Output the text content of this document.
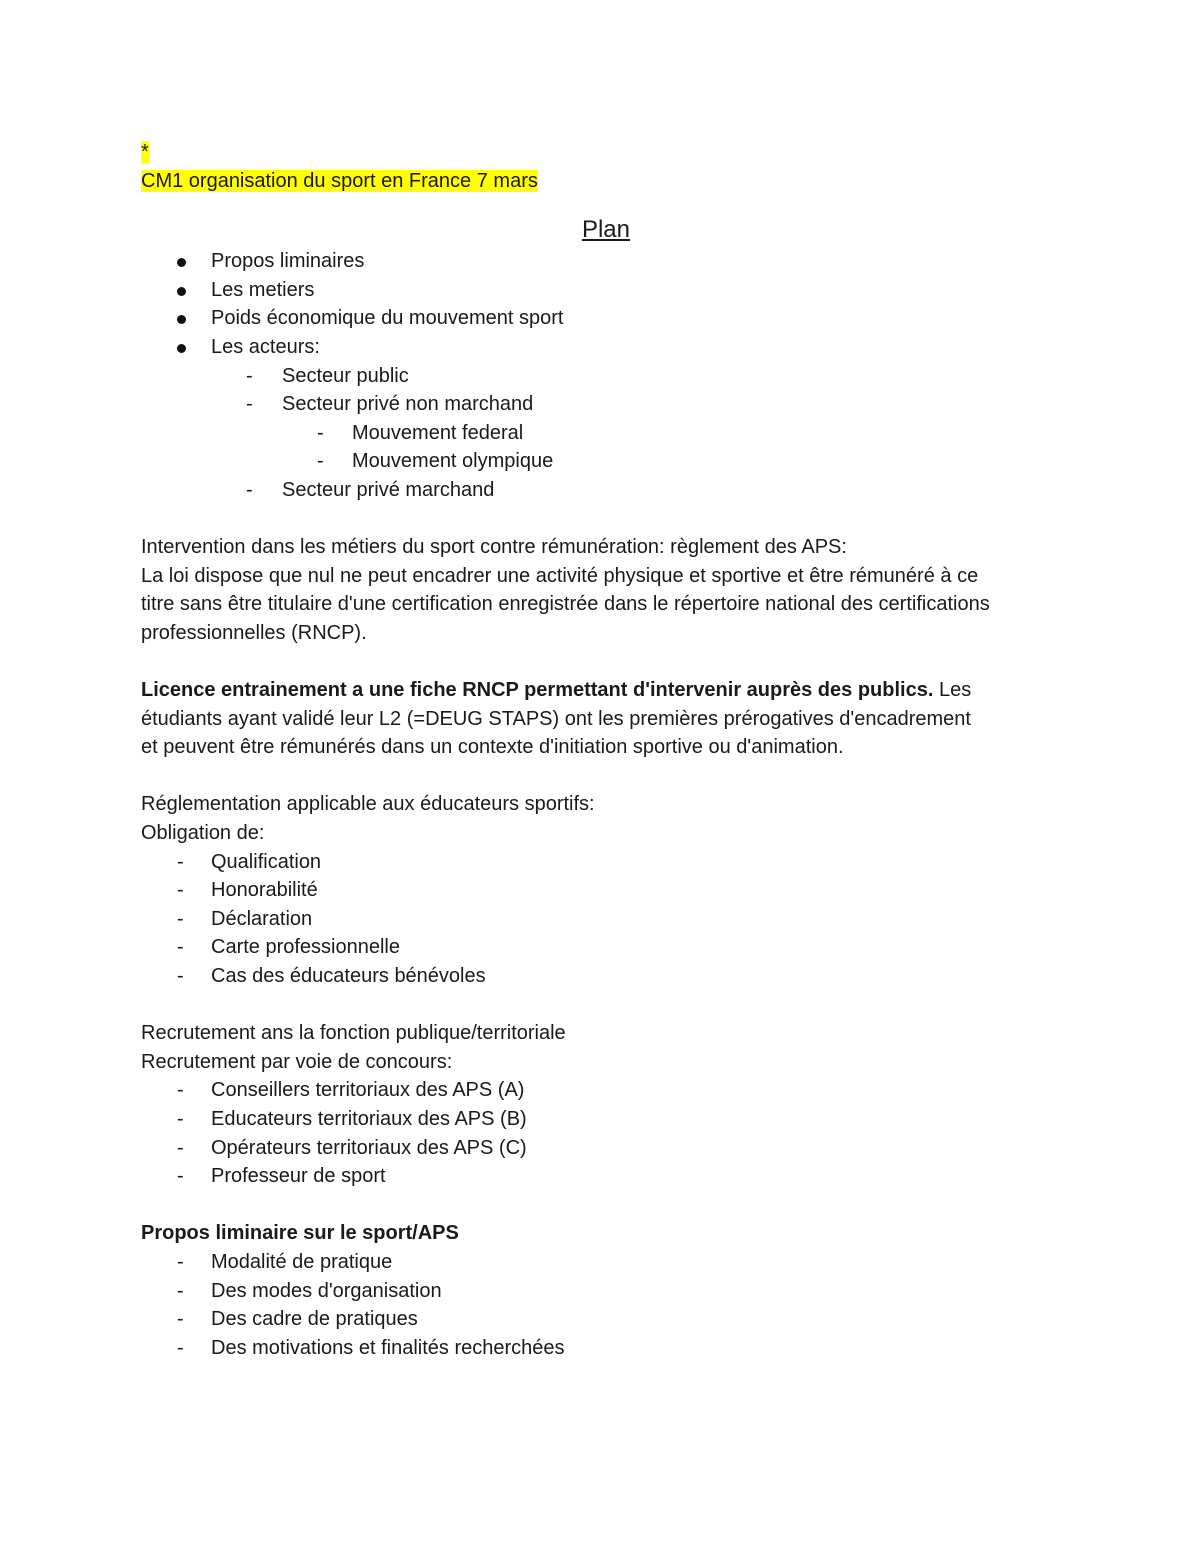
*
CM1 organisation du sport en France 7 mars
Plan
Propos liminaires
Les metiers
Poids économique du mouvement sport
Les acteurs:
- Secteur public
- Secteur privé non marchand
- Mouvement federal
- Mouvement olympique
- Secteur privé marchand
Intervention dans les métiers du sport contre rémunération: règlement des APS:
La loi dispose que nul ne peut encadrer une activité physique et sportive et être rémunéré à ce
titre sans être titulaire d'une certification enregistrée dans le répertoire national des certifications
professionnelles (RNCP).
Licence entrainement a une fiche RNCP permettant d'intervenir auprès des publics. Les
étudiants ayant validé leur L2 (=DEUG STAPS) ont les premières prérogatives d'encadrement
et peuvent être rémunérés dans un contexte d'initiation sportive ou d'animation.
Réglementation applicable aux éducateurs sportifs:
Obligation de:
- Qualification
- Honorabilité
- Déclaration
- Carte professionnelle
- Cas des éducateurs bénévoles
Recrutement ans la fonction publique/territoriale
Recrutement par voie de concours:
- Conseillers territoriaux des APS (A)
- Educateurs territoriaux des APS (B)
- Opérateurs territoriaux des APS (C)
- Professeur de sport
Propos liminaire sur le sport/APS
- Modalité de pratique
- Des modes d'organisation
- Des cadre de pratiques
- Des motivations et finalités recherchées
